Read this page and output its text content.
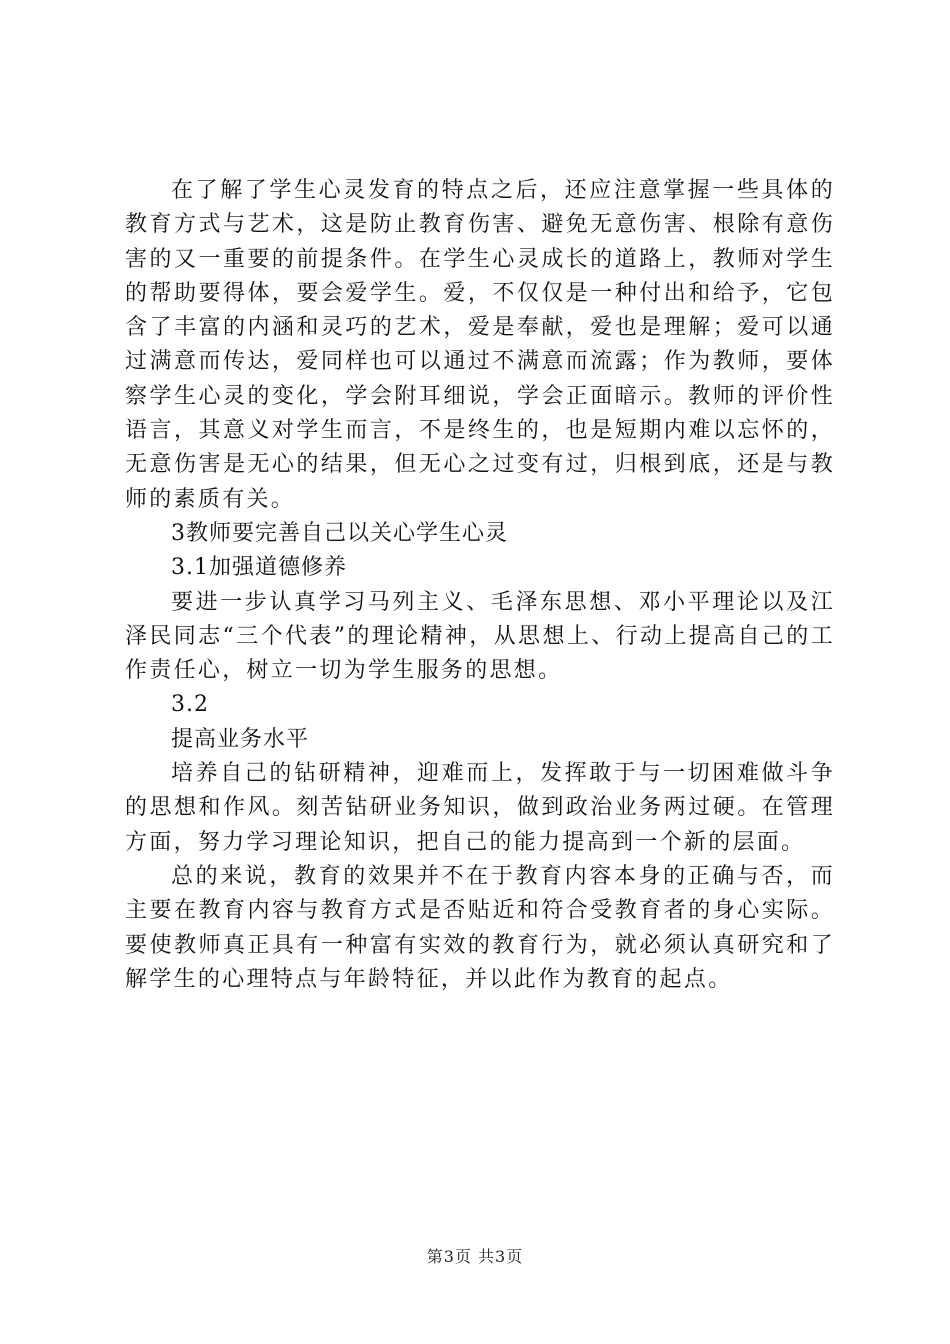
在了解了学生心灵发育的特点之后，还应注意掌握一些具体的教育方式与艺术，这是防止教育伤害、避免无意伤害、根除有意伤害的又一重要的前提条件。在学生心灵成长的道路上，教师对学生的帮助要得体，要会爱学生。爱，不仅仅是一种付出和给予，它包含了丰富的内涵和灵巧的艺术，爱是奉献，爱也是理解；爱可以通过满意而传达，爱同样也可以通过不满意而流露；作为教师，要体察学生心灵的变化，学会附耳细说，学会正面暗示。教师的评价性语言，其意义对学生而言，不是终生的，也是短期内难以忘怀的，无意伤害是无心的结果，但无心之过变有过，归根到底，还是与教师的素质有关。

3教师要完善自己以关心学生心灵

3.1加强道德修养

要进一步认真学习马列主义、毛泽东思想、邓小平理论以及江泽民同志“三个代表”的理论精神，从思想上、行动上提高自己的工作责任心，树立一切为学生服务的思想。

3.2

提高业务水平

培养自己的钻研精神，迎难而上，发挥敢于与一切困难做斗争的思想和作风。刻苦钻研业务知识，做到政治业务两过硬。在管理方面，努力学习理论知识，把自己的能力提高到一个新的层面。

总的来说，教育的效果并不在于教育内容本身的正确与否，而主要在教育内容与教育方式是否贴近和符合受教育者的身心实际。要使教师真正具有一种富有实效的教育行为，就必须认真研究和了解学生的心理特点与年龄特征，并以此作为教育的起点。

第3页 共3页
